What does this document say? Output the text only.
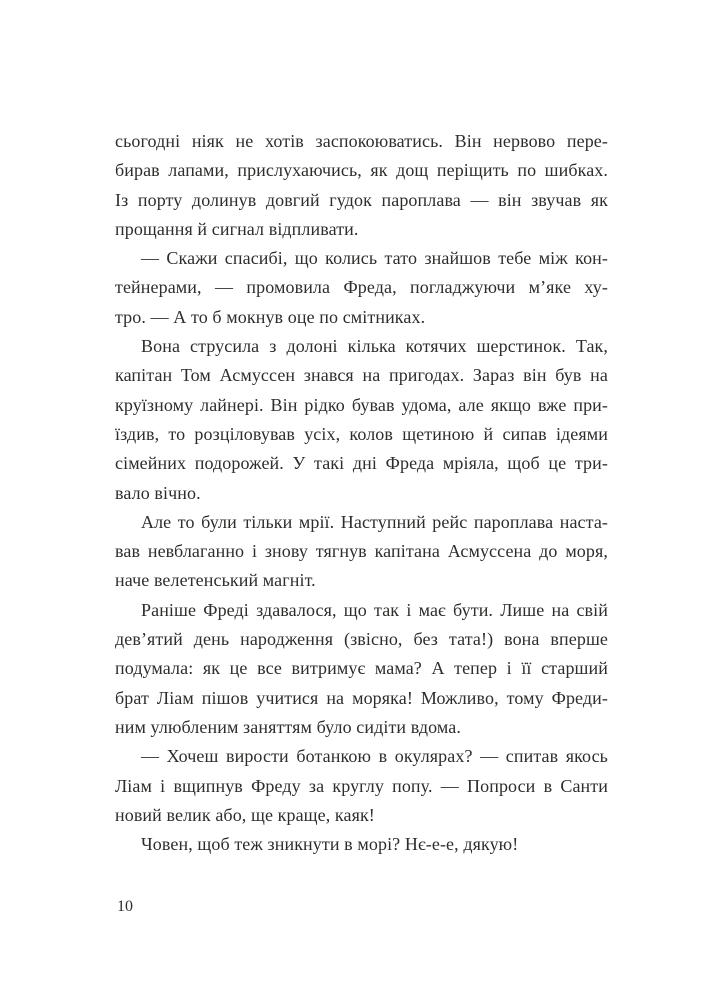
сьогодні ніяк не хотів заспокоюватись. Він нервово пере-
бирав лапами, прислухаючись, як дощ періщить по шибках.
Із порту долинув довгий гудок пароплава — він звучав як
прощання й сигнал відпливати.
— Скажи спасибі, що колись тато знайшов тебе між кон-
тейнерами, — промовила Фреда, погладжуючи м’яке ху-
тро. — А то б мокнув оце по смітниках.
Вона струсила з долоні кілька котячих шерстинок. Так,
капітан Том Асмуссен знався на пригодах. Зараз він був на
круїзному лайнері. Він рідко бував удома, але якщо вже при-
їздив, то розціловував усіх, колов щетиною й сипав ідеями
сімейних подорожей. У такі дні Фреда мріяла, щоб це три-
вало вічно.
Але то були тільки мрії. Наступний рейс пароплава наста-
вав невблаганно і знову тягнув капітана Асмуссена до моря,
наче велетенський магніт.
Раніше Фреді здавалося, що так і має бути. Лише на свій
дев’ятий день народження (звісно, без тата!) вона вперше
подумала: як це все витримує мама? А тепер і її старший
брат Ліам пішов учитися на моряка! Можливо, тому Фреди-
ним улюбленим заняттям було сидіти вдома.
— Хочеш вирости ботанкою в окулярах? — спитав якось
Ліам і вщипнув Фреду за круглу попу. — Попроси в Санти
новий велик або, ще краще, каяк!
Човен, щоб теж зникнути в морі? Нє-е-е, дякую!
10
